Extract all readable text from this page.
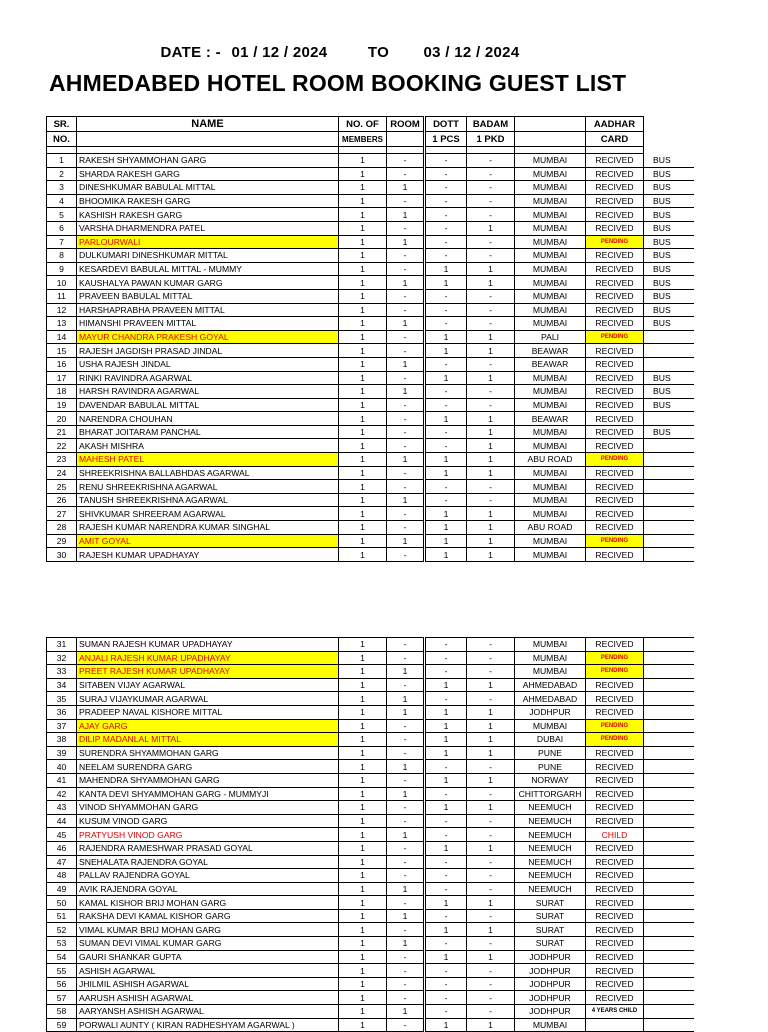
DATE : - 01 / 12 / 2024	TO 03 / 12 / 2024
AHMEDABED HOTEL ROOM BOOKING GUEST LIST
SR.	NAME	NO. OF	ROOM	DOTT	BADAM		AADHAR	
NO.		MEMBERS		1 PCS	1 PKD		CARD	

1	RAKESH SHYAMMOHAN GARG	1	-	-	-	MUMBAI	RECIVED	BUS
2	SHARDA RAKESH GARG	1	-	-	-	MUMBAI	RECIVED	BUS
3	DINESHKUMAR BABULAL MITTAL	1	1	-	-	MUMBAI	RECIVED	BUS
4	BHOOMIKA RAKESH GARG	1	-	-	-	MUMBAI	RECIVED	BUS
5	KASHISH RAKESH GARG	1	1	-	-	MUMBAI	RECIVED	BUS
6	VARSHA DHARMENDRA PATEL	1	-	-	1	MUMBAI	RECIVED	BUS
7	PARLOURWALI	1	1	-	-	MUMBAI	PENDING	BUS
8	DULKUMARI DINESHKUMAR MITTAL	1	-	-	-	MUMBAI	RECIVED	BUS
9	KESARDEVI BABULAL MITTAL - MUMMY	1	-	1	1	MUMBAI	RECIVED	BUS
10	KAUSHALYA PAWAN KUMAR GARG	1	1	1	1	MUMBAI	RECIVED	BUS
11	PRAVEEN BABULAL MITTAL	1	-	-	-	MUMBAI	RECIVED	BUS
12	HARSHAPRABHA PRAVEEN MITTAL	1	-	-	-	MUMBAI	RECIVED	BUS
13	HIMANSHI PRAVEEN MITTAL	1	1	-	-	MUMBAI	RECIVED	BUS
14	MAYUR CHANDRA PRAKESH GOYAL	1	-	1	1	PALI	PENDING	
15	RAJESH JAGDISH PRASAD JINDAL	1	-	1	1	BEAWAR	RECIVED	
16	USHA RAJESH JINDAL	1	1	-	-	BEAWAR	RECIVED	
17	RINKI RAVINDRA AGARWAL	1	-	1	1	MUMBAI	RECIVED	BUS
18	HARSH RAVINDRA AGARWAL	1	1	-	-	MUMBAI	RECIVED	BUS
19	DAVENDAR BABULAL MITTAL	1	-	-	-	MUMBAI	RECIVED	BUS
20	NARENDRA CHOUHAN	1	-	1	1	BEAWAR	RECIVED	
21	BHARAT JOITARAM PANCHAL	1	-	-	1	MUMBAI	RECIVED	BUS
22	AKASH MISHRA	1	-	-	1	MUMBAI	RECIVED	
23	MAHESH PATEL	1	1	1	1	ABU ROAD	PENDING	
24	SHREEKRISHNA BALLABHDAS AGARWAL	1	-	1	1	MUMBAI	RECIVED	
25	RENU SHREEKRISHNA AGARWAL	1	-	-	-	MUMBAI	RECIVED	
26	TANUSH SHREEKRISHNA AGARWAL	1	1	-	-	MUMBAI	RECIVED	
27	SHIVKUMAR SHREERAM AGARWAL	1	-	1	1	MUMBAI	RECIVED	
28	RAJESH KUMAR NARENDRA KUMAR SINGHAL	1	-	1	1	ABU ROAD	RECIVED	
29	AMIT GOYAL	1	1	1	1	MUMBAI	PENDING	
30	RAJESH KUMAR UPADHAYAY	1	-	1	1	MUMBAI	RECIVED	
31	SUMAN RAJESH KUMAR UPADHAYAY	1	-	-	-	MUMBAI	RECIVED	
32	ANJALI RAJESH KUMAR UPADHAYAY	1	-	-	-	MUMBAI	PENDING	
33	PREET RAJESH KUMAR UPADHAYAY	1	1	-	-	MUMBAI	PENDING	
34	SITABEN VIJAY AGARWAL	1	-	1	1	AHMEDABAD	RECIVED	
35	SURAJ VIJAYKUMAR AGARWAL	1	1	-	-	AHMEDABAD	RECIVED	
36	PRADEEP NAVAL KISHORE MITTAL	1	1	1	1	JODHPUR	RECIVED	
37	AJAY GARG	1	-	1	1	MUMBAI	PENDING	
38	DILIP MADANLAL MITTAL	1	-	1	1	DUBAI	PENDING	
39	SURENDRA SHYAMMOHAN GARG	1	-	1	1	PUNE	RECIVED	
40	NEELAM SURENDRA GARG	1	1	-	-	PUNE	RECIVED	
41	MAHENDRA SHYAMMOHAN GARG	1	-	1	1	NORWAY	RECIVED	
42	KANTA DEVI SHYAMMOHAN GARG - MUMMYJI	1	1	-	-	CHITTORGARH	RECIVED	
43	VINOD SHYAMMOHAN GARG	1	-	1	1	NEEMUCH	RECIVED	
44	KUSUM VINOD GARG	1	-	-	-	NEEMUCH	RECIVED	
45	PRATYUSH VINOD GARG	1	1	-	-	NEEMUCH	CHILD	
46	RAJENDRA RAMESHWAR PRASAD GOYAL	1	-	1	1	NEEMUCH	RECIVED	
47	SNEHALATA RAJENDRA GOYAL	1	-	-	-	NEEMUCH	RECIVED	
48	PALLAV RAJENDRA GOYAL	1	-	-	-	NEEMUCH	RECIVED	
49	AVIK RAJENDRA GOYAL	1	1	-	-	NEEMUCH	RECIVED	
50	KAMAL KISHOR BRIJ MOHAN GARG	1	-	1	1	SURAT	RECIVED	
51	RAKSHA DEVI KAMAL KISHOR GARG	1	1	-	-	SURAT	RECIVED	
52	VIMAL KUMAR BRIJ MOHAN GARG	1	-	1	1	SURAT	RECIVED	
53	SUMAN DEVI VIMAL KUMAR GARG	1	1	-	-	SURAT	RECIVED	
54	GAURI SHANKAR GUPTA	1	-	1	1	JODHPUR	RECIVED	
55	ASHISH AGARWAL	1	-	-	-	JODHPUR	RECIVED	
56	JHILMIL ASHISH AGARWAL	1	-	-	-	JODHPUR	RECIVED	
57	AARUSH ASHISH AGARWAL	1	-	-	-	JODHPUR	RECIVED	
58	AARYANSH ASHISH AGARWAL	1	1	-	-	JODHPUR	4 YEARS CHILD	
59	PORWALI AUNTY ( KIRAN RADHESHYAM AGARWAL )	1	-	1	1	MUMBAI		
